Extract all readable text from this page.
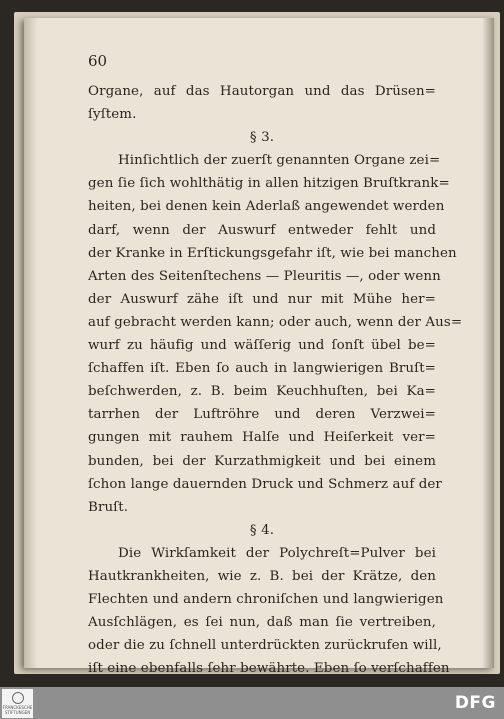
60
Organe, auf das Hautorgan und das Drüsen=
ſyſtem.
§ 3.
Hinſichtlich der zuerſt genannten Organe zei=
gen ſie ſich wohlthätig in allen hitzigen Bruſtkrank=
heiten, bei denen kein Aderlaß angewendet werden
darf, wenn der Auswurf entweder fehlt und
der Kranke in Erſtickungsgefahr iſt, wie bei manchen
Arten des Seitenſtechens — Pleuritis —, oder wenn
der Auswurf zähe iſt und nur mit Mühe her=
auf gebracht werden kann; oder auch, wenn der Aus=
wurf zu häufig und wäſſerig und ſonſt übel be=
ſchaffen iſt. Eben ſo auch in langwierigen Bruſt=
beſchwerden, z. B. beim Keuchhuſten, bei Ka=
tarrhen der Luftröhre und deren Verzwei=
gungen mit rauhem Halſe und Heiſerkeit ver=
bunden, bei der Kurzathmigkeit und bei einem
ſchon lange dauernden Druck und Schmerz auf der
Bruſt.
§ 4.
Die Wirkſamkeit der Polychreſt=Pulver bei
Hautkrankheiten, wie z. B. bei der Krätze, den
Flechten und andern chroniſchen und langwierigen
Ausſchlägen, es ſei nun, daß man ſie vertreiben,
oder die zu ſchnell unterdrückten zurückrufen will,
iſt eine ebenfalls ſehr bewährte. Eben ſo verſchaffen
FRANCKESCHE STIFTUNGEN	DFG
